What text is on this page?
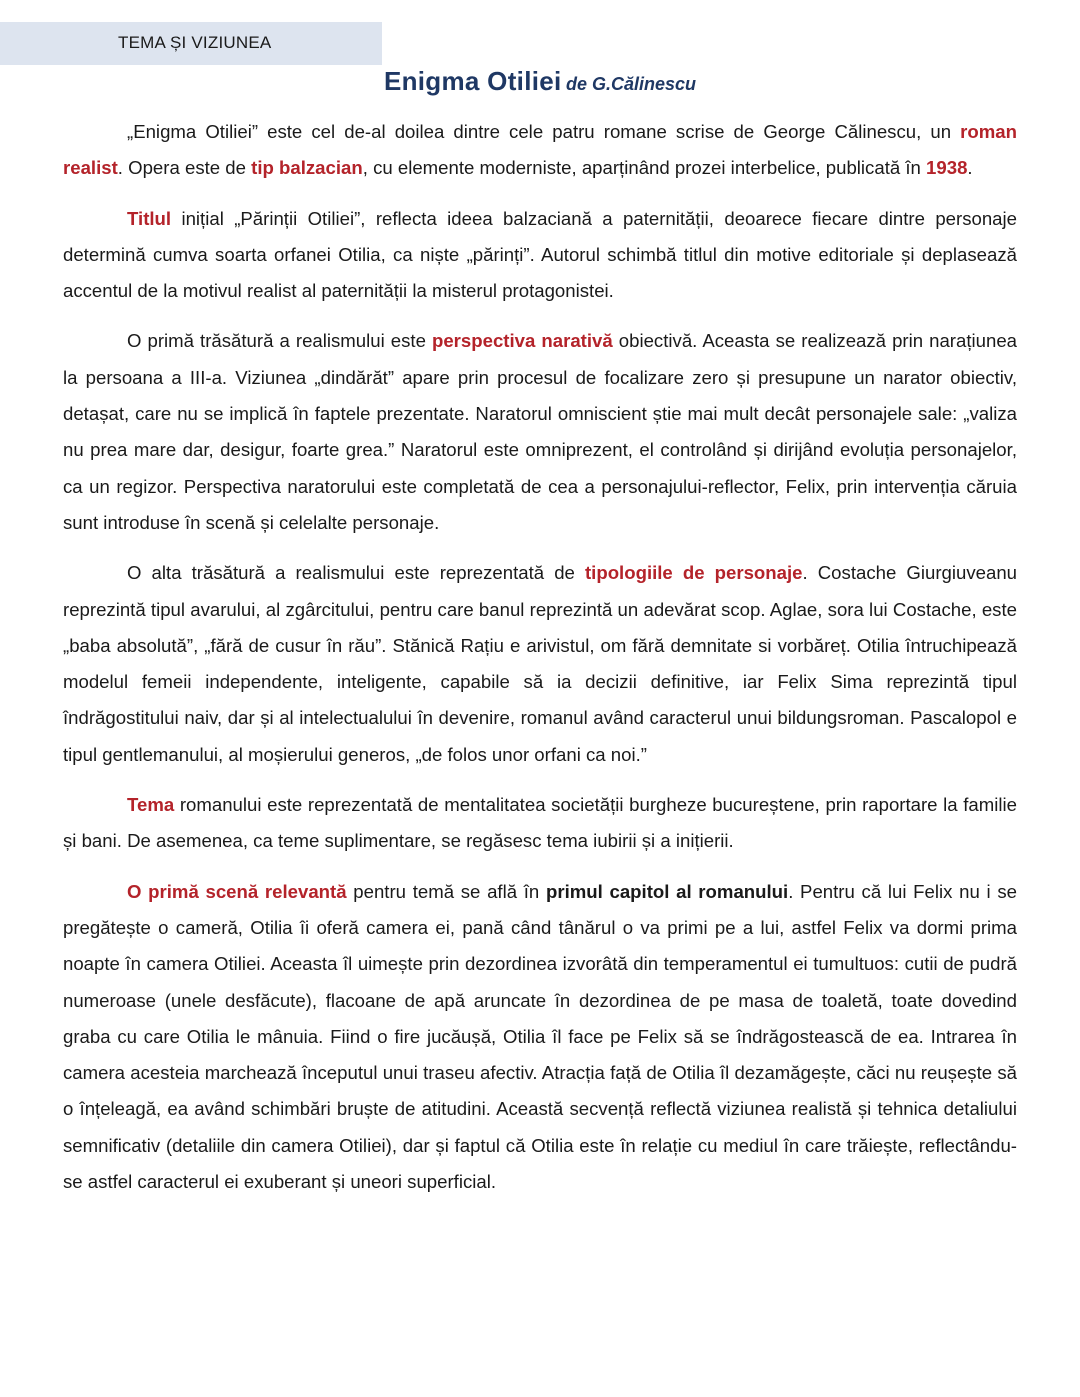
TEMA ȘI VIZIUNEA
Enigma Otiliei de G.Călinescu

„Enigma Otiliei” este cel de-al doilea dintre cele patru romane scrise de George Călinescu, un roman realist. Opera este de tip balzacian, cu elemente moderniste, aparținând prozei interbelice, publicată în 1938.

Titlul inițial „Părinții Otiliei”, reflecta ideea balzaciană a paternității, deoarece fiecare dintre personaje determină cumva soarta orfanei Otilia, ca niște „părinți”. Autorul schimbă titlul din motive editoriale și deplasează accentul de la motivul realist al paternității la misterul protagonistei.

O primă trăsătură a realismului este perspectiva narativă obiectivă. Aceasta se realizează prin narațiunea la persoana a III-a. Viziunea „dindărăt” apare prin procesul de focalizare zero și presupune un narator obiectiv, detașat, care nu se implică în faptele prezentate. Naratorul omniscient știe mai mult decât personajele sale: „valiza nu prea mare dar, desigur, foarte grea.” Naratorul este omniprezent, el controlând și dirijând evoluția personajelor, ca un regizor. Perspectiva naratorului este completată de cea a personajului-reflector, Felix, prin intervenția căruia sunt introduse în scenă și celelalte personaje.

O alta trăsătură a realismului este reprezentată de tipologiile de personaje. Costache Giurgiuveanu reprezintă tipul avarului, al zgârcitului, pentru care banul reprezintă un adevărat scop. Aglae, sora lui Costache, este „baba absolută”, „fără de cusur în rău”. Stănică Rațiu e arivistul, om fără demnitate si vorbăreț. Otilia întruchipează modelul femeii independente, inteligente, capabile să ia decizii definitive, iar Felix Sima reprezintă tipul îndrăgostitului naiv, dar și al intelectualului în devenire, romanul având caracterul unui bildungsroman. Pascalopol e tipul gentlemanului, al moșierului generos, „de folos unor orfani ca noi.”

Tema romanului este reprezentată de mentalitatea societății burgheze bucureștene, prin raportare la familie și bani. De asemenea, ca teme suplimentare, se regăsesc tema iubirii și a inițierii.

O primă scenă relevantă pentru temă se află în primul capitol al romanului. Pentru că lui Felix nu i se pregătește o cameră, Otilia îi oferă camera ei, pană când tânărul o va primi pe a lui, astfel Felix va dormi prima noapte în camera Otiliei. Aceasta îl uimește prin dezordinea izvorâtă din temperamentul ei tumultuos: cutii de pudră numeroase (unele desfăcute), flacoane de apă aruncate în dezordinea de pe masa de toaletă, toate dovedind graba cu care Otilia le mânuia. Fiind o fire jucăușă, Otilia îl face pe Felix să se îndrăgostească de ea. Intrarea în camera acesteia marchează începutul unui traseu afectiv. Atracția față de Otilia îl dezamăgește, căci nu reușește să o înțeleagă, ea având schimbări bruște de atitudini. Această secvență reflectă viziunea realistă și tehnica detaliului semnificativ (detaliile din camera Otiliei), dar și faptul că Otilia este în relație cu mediul în care trăiește, reflectându-se astfel caracterul ei exuberant și uneori superficial.
